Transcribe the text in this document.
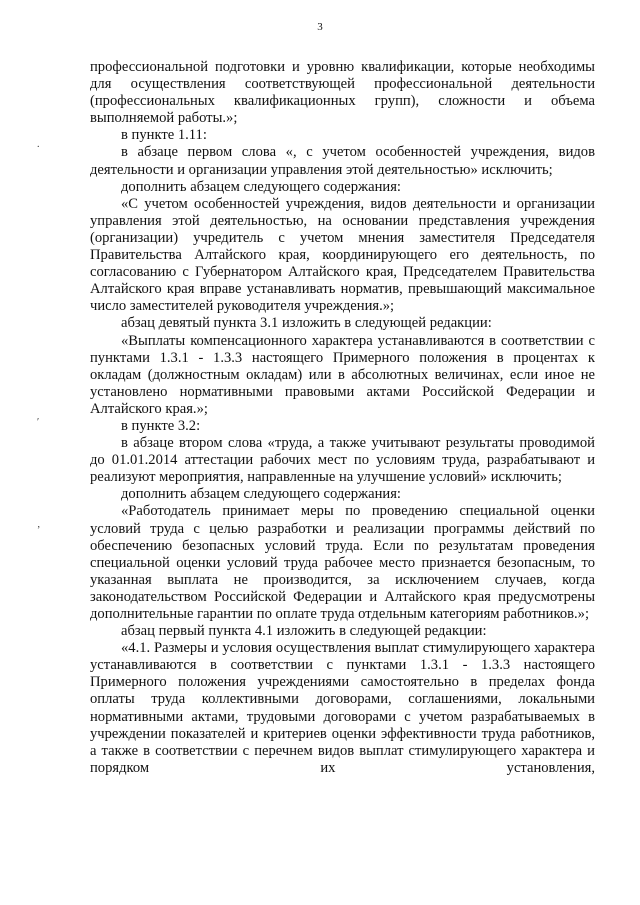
3
.
ʹ
‚

профессиональной подготовки и уровню квалификации, которые необходимы для осуществления соответствующей профессиональной деятельности (профессиональных квалификационных групп), сложности и объема выполняемой работы.»;

в пункте 1.11:

в абзаце первом слова «, с учетом особенностей учреждения, видов деятельности и организации управления этой деятельностью» исключить;

дополнить абзацем следующего содержания:

«С учетом особенностей учреждения, видов деятельности и организации управления этой деятельностью, на основании представления учреждения (организации) учредитель с учетом мнения заместителя Председателя Правительства Алтайского края, координирующего его деятельность, по согласованию с Губернатором Алтайского края, Председателем Правительства Алтайского края вправе устанавливать норматив, превышающий максимальное число заместителей руководителя учреждения.»;

абзац девятый пункта 3.1 изложить в следующей редакции:

«Выплаты компенсационного характера устанавливаются в соответствии с пунктами 1.3.1 - 1.3.3 настоящего Примерного положения в процентах к окладам (должностным окладам) или в абсолютных величинах, если иное не установлено нормативными правовыми актами Российской Федерации и Алтайского края.»;

в пункте 3.2:

в абзаце втором слова «труда, а также учитывают результаты проводимой до 01.01.2014 аттестации рабочих мест по условиям труда, разрабатывают и реализуют мероприятия, направленные на улучшение условий» исключить;

дополнить абзацем следующего содержания:

«Работодатель принимает меры по проведению специальной оценки условий труда с целью разработки и реализации программы действий по обеспечению безопасных условий труда. Если по результатам проведения специальной оценки условий труда рабочее место признается безопасным, то указанная выплата не производится, за исключением случаев, когда законодательством Российской Федерации и Алтайского края предусмотрены дополнительные гарантии по оплате труда отдельным категориям работников.»;

абзац первый пункта 4.1 изложить в следующей редакции:

«4.1. Размеры и условия осуществления выплат стимулирующего характера устанавливаются в соответствии с пунктами 1.3.1 - 1.3.3 настоящего Примерного положения учреждениями самостоятельно в пределах фонда оплаты труда коллективными договорами, соглашениями, локальными нормативными актами, трудовыми договорами с учетом разрабатываемых в учреждении показателей и критериев оценки эффективности труда работников, а также в соответствии с перечнем видов выплат стимулирующего характера и порядком их установления,
